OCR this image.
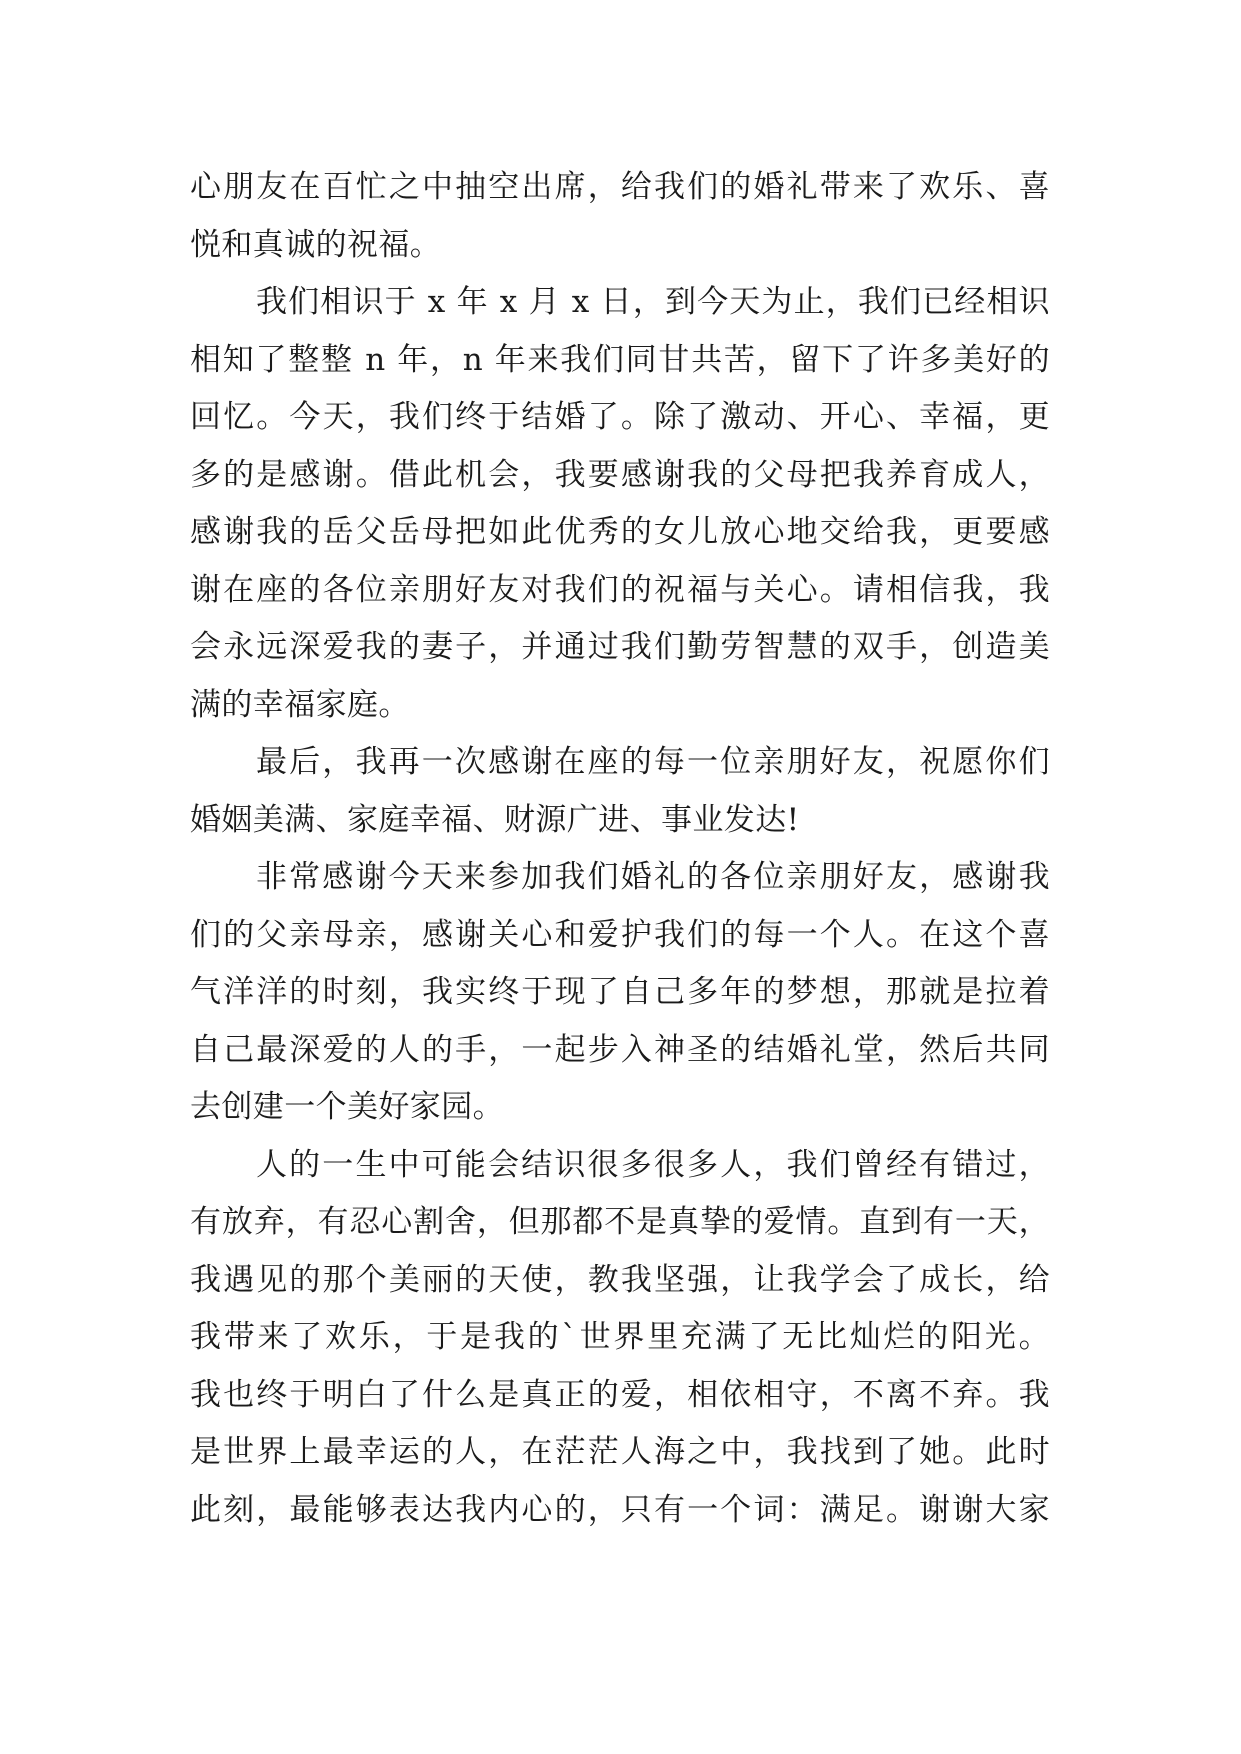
心朋友在百忙之中抽空出席，给我们的婚礼带来了欢乐、喜
悦和真诚的祝福。
我们相识于 x 年 x 月 x 日，到今天为止，我们已经相识
相知了整整 n 年，n 年来我们同甘共苦，留下了许多美好的
回忆。今天，我们终于结婚了。除了激动、开心、幸福，更
多的是感谢。借此机会，我要感谢我的父母把我养育成人，
感谢我的岳父岳母把如此优秀的女儿放心地交给我，更要感
谢在座的各位亲朋好友对我们的祝福与关心。请相信我，我
会永远深爱我的妻子，并通过我们勤劳智慧的双手，创造美
满的幸福家庭。
最后，我再一次感谢在座的每一位亲朋好友，祝愿你们
婚姻美满、家庭幸福、财源广进、事业发达!
非常感谢今天来参加我们婚礼的各位亲朋好友，感谢我
们的父亲母亲，感谢关心和爱护我们的每一个人。在这个喜
气洋洋的时刻，我实终于现了自己多年的梦想，那就是拉着
自己最深爱的人的手，一起步入神圣的结婚礼堂，然后共同
去创建一个美好家园。
人的一生中可能会结识很多很多人，我们曾经有错过，
有放弃，有忍心割舍，但那都不是真挚的爱情。直到有一天，
我遇见的那个美丽的天使，教我坚强，让我学会了成长，给
我带来了欢乐，于是我的`世界里充满了无比灿烂的阳光。
我也终于明白了什么是真正的爱，相依相守，不离不弃。我
是世界上最幸运的人，在茫茫人海之中，我找到了她。此时
此刻，最能够表达我内心的，只有一个词：满足。谢谢大家
